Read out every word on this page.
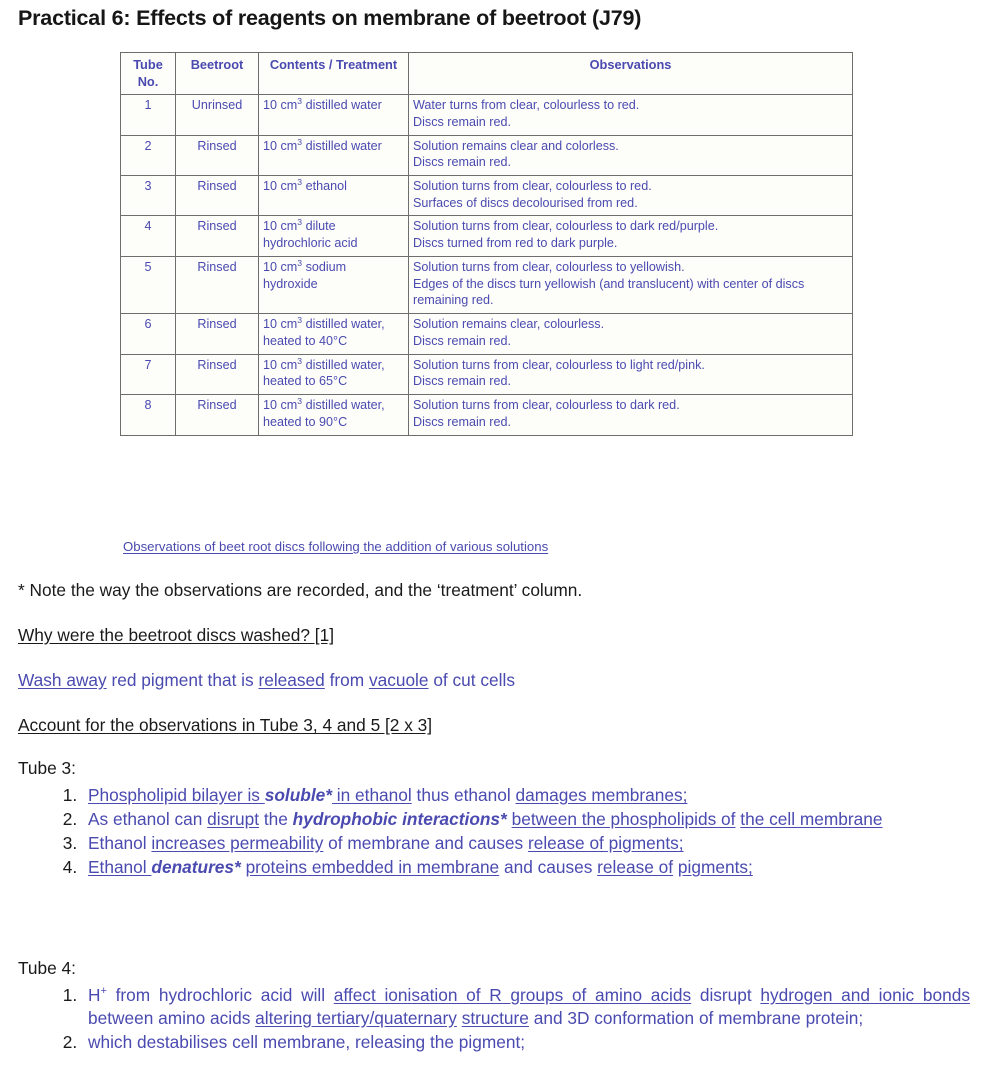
Practical 6: Effects of reagents on membrane of beetroot (J79)
Tube No.	Beetroot	Contents / Treatment	Observations
1	Unrinsed	10 $cm^3$ distilled water	Water turns from clear, colourless to red.
Discs remain red.

2	Rinsed	10 $cm^3$ distilled water	Solution remains clear and colorless.
Discs remain red.

3	Rinsed	10 $cm^3$ ethanol	Solution turns from clear, colourless to red.
Surfaces of discs decolourised from red.

4	Rinsed	10 $cm^3$ dilute hydrochloric acid	Solution turns from clear, colourless to dark red/purple.
Discs turned from red to dark purple.

5	Rinsed	10 $cm^3$ sodium hydroxide	Solution turns from clear, colourless to yellowish.
Edges of the discs turn yellowish (and translucent) with center of discs remaining red.

6	Rinsed	10 $cm^3$ distilled water, heated to 40°C	Solution remains clear, colourless.
Discs remain red.

7	Rinsed	10 $cm^3$ distilled water, heated to 65°C	Solution turns from clear, colourless to light red/pink.
Discs remain red.

8	Rinsed	10 $cm^3$ distilled water, heated to 90°C	Solution turns from clear, colourless to dark red.
Discs remain red.
Observations of beet root discs following the addition of various solutions
* Note the way the observations are recorded, and the ‘treatment’ column.
Why were the beetroot discs washed? [1]
Wash away red pigment that is released from vacuole of cut cells
Account for the observations in Tube 3, 4 and 5 [2 x 3]
Tube 3:
1. Phospholipid bilayer is soluble* in ethanol thus ethanol damages membranes;
2. As ethanol can disrupt the hydrophobic interactions* between the phospholipids of the cell membrane
3. Ethanol increases permeability of membrane and causes release of pigments;
4. Ethanol denatures* proteins embedded in membrane and causes release of pigments;
Tube 4:
1. H+ from hydrochloric acid will affect ionisation of R groups of amino acids disrupt hydrogen and ionic bonds between amino acids altering tertiary/quaternary structure and 3D conformation of membrane protein;
2. which destabilises cell membrane, releasing the pigment;
